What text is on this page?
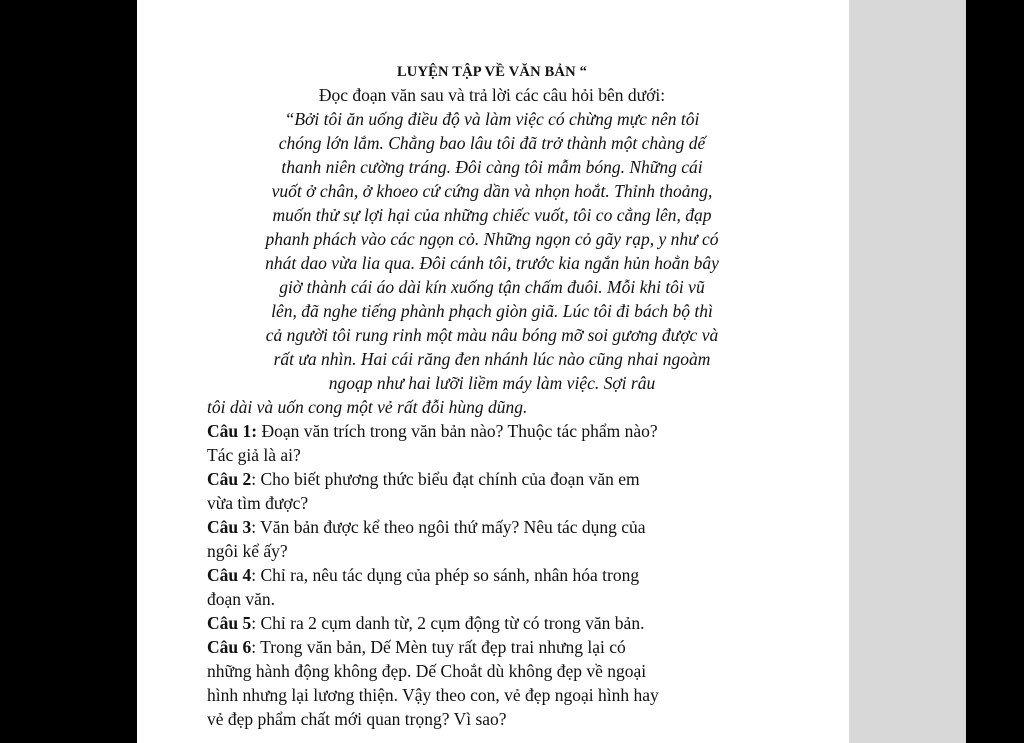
LUYỆN TẬP VỀ VĂN BẢN “
Đọc đoạn văn sau và trả lời các câu hỏi bên dưới:
“Bởi tôi ăn uống điều độ và làm việc có chừng mực nên tôi
chóng lớn lắm. Chẳng bao lâu tôi đã trở thành một chàng dế
thanh niên cường tráng. Đôi càng tôi mẫm bóng. Những cái
vuốt ở chân, ở khoeo cứ cứng dần và nhọn hoắt. Thỉnh thoảng,
muốn thử sự lợi hại của những chiếc vuốt, tôi co cẳng lên, đạp
phanh phách vào các ngọn cỏ. Những ngọn cỏ gãy rạp, y như có
nhát dao vừa lia qua. Đôi cánh tôi, trước kia ngắn hủn hoẳn bây
giờ thành cái áo dài kín xuống tận chấm đuôi. Mỗi khi tôi vũ
lên, đã nghe tiếng phành phạch giòn giã. Lúc tôi đi bách bộ thì
cả người tôi rung rinh một màu nâu bóng mỡ soi gương được và
rất ưa nhìn. Hai cái răng đen nhánh lúc nào cũng nhai ngoàm
ngoạp như hai lưỡi liềm máy làm việc. Sợi râu
tôi dài và uốn cong một vẻ rất đỗi hùng dũng.
Câu 1: Đoạn văn trích trong văn bản nào? Thuộc tác phẩm nào?
Tác giả là ai?
Câu 2: Cho biết phương thức biểu đạt chính của đoạn văn em
vừa tìm được?
Câu 3: Văn bản được kể theo ngôi thứ mấy? Nêu tác dụng của
ngôi kể ấy?
Câu 4: Chỉ ra, nêu tác dụng của phép so sánh, nhân hóa trong
đoạn văn.
Câu 5: Chỉ ra 2 cụm danh từ, 2 cụm động từ có trong văn bản.
Câu 6: Trong văn bản, Dế Mèn tuy rất đẹp trai nhưng lại có
những hành động không đẹp. Dế Choắt dù không đẹp về ngoại
hình nhưng lại lương thiện. Vậy theo con, vẻ đẹp ngoại hình hay
vẻ đẹp phẩm chất mới quan trọng? Vì sao?
